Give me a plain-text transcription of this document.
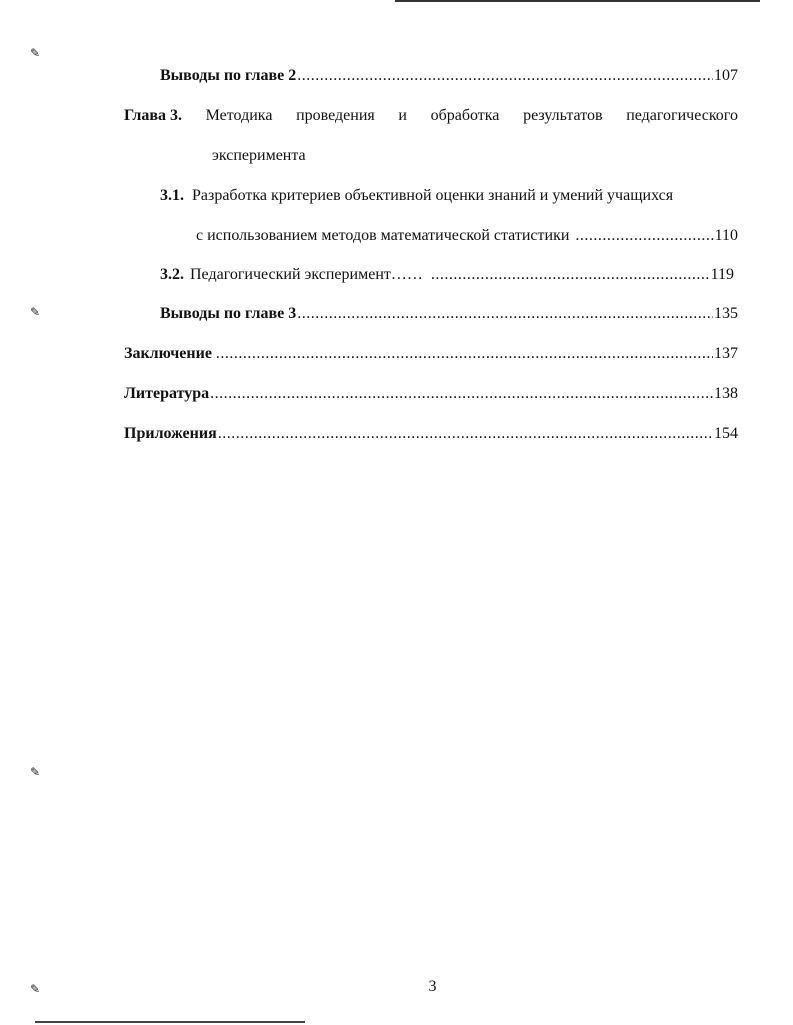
✎
✎
✎
✎
Выводы по главе 2 .....	107
Глава 3. Методика проведения и обработка результатов педагогического
эксперимента
3.1. Разработка критериев объективной оценки знаний и умений учащихся
с использованием методов математической статистики .....	110
3.2. Педагогический эксперимент…… .....	119
Выводы по главе 3 .....	135
Заключение .....	137
Литература .....	138
Приложения .....	154
3
